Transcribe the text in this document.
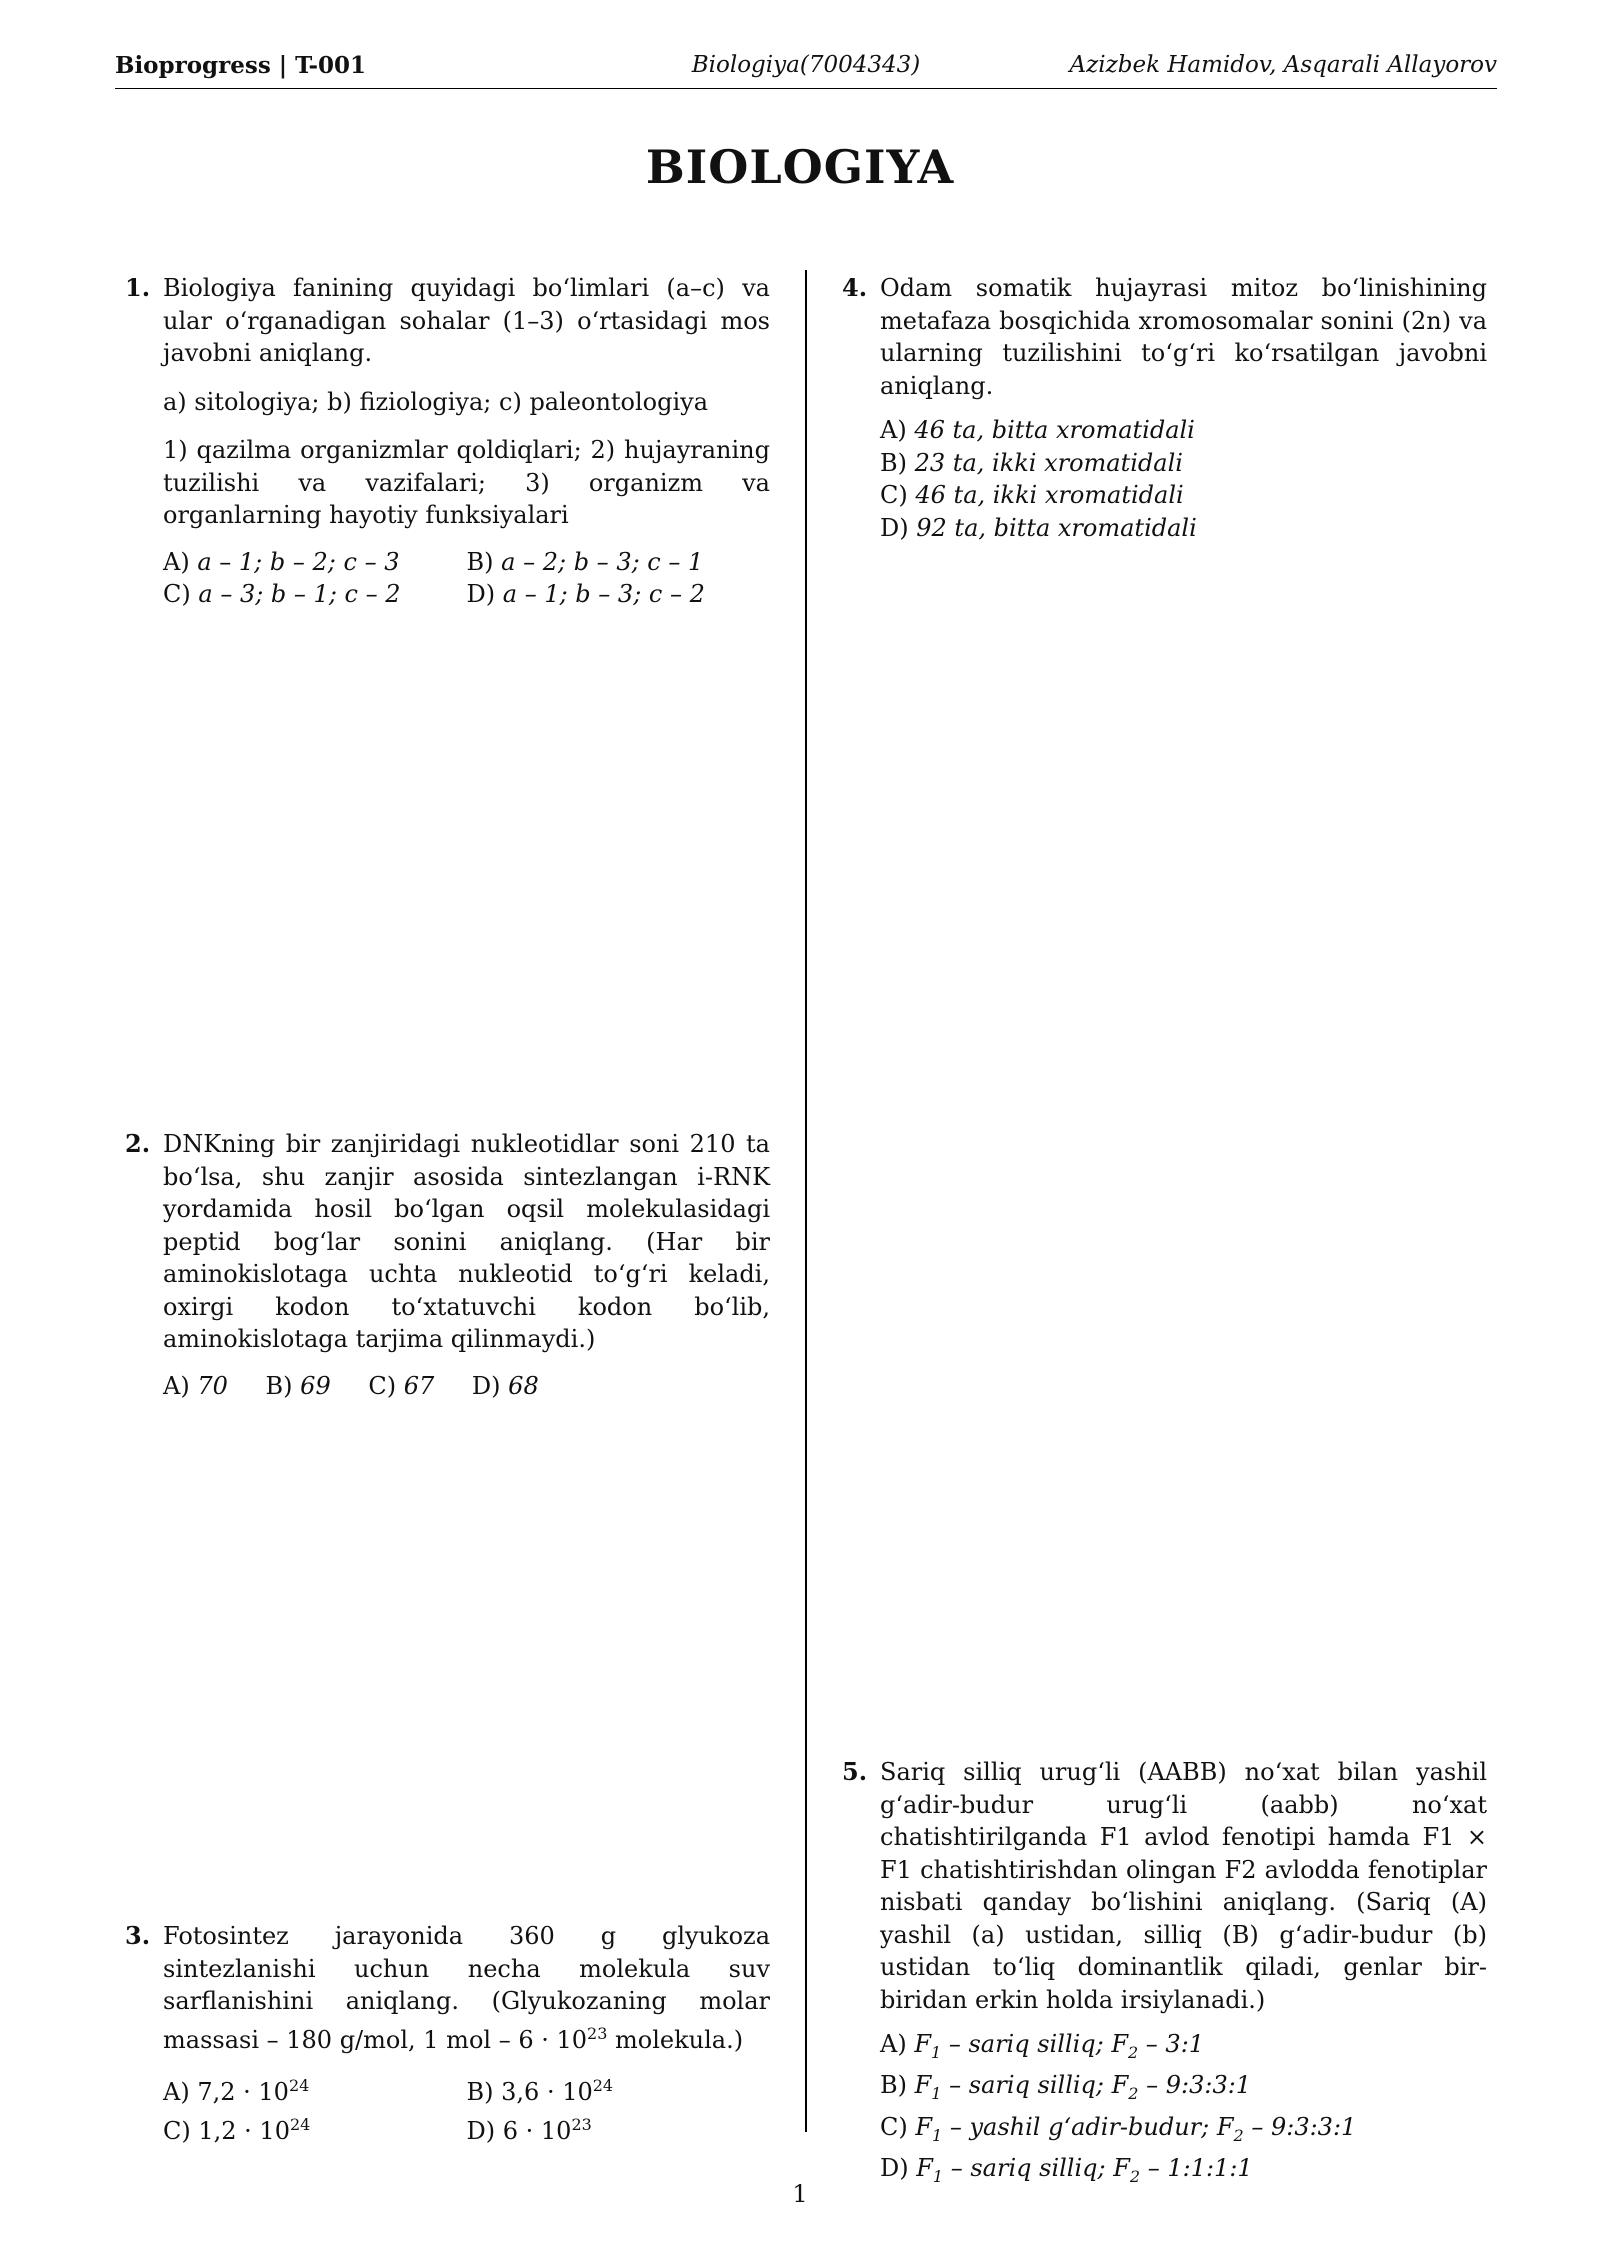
Bioprogress | T-001	Biologiya(7004343)	Azizbek Hamidov, Asqarali Allayorov
BIOLOGIYA
1. Biologiya fanining quyidagi boʻlimlari (a–c) va ular oʻrganadigan sohalar (1–3) oʻrtasidagi mos javobni aniqlang.
a) sitologiya; b) fiziologiya; c) paleontologiya
1) qazilma organizmlar qoldiqlari; 2) hujayraning tuzilishi va vazifalari; 3) organizm va organlarning hayotiy funksiyalari
A) a – 1; b – 2; c – 3	B) a – 2; b – 3; c – 1
C) a – 3; b – 1; c – 2	D) a – 1; b – 3; c – 2
2. DNKning bir zanjiridagi nukleotidlar soni 210 ta boʻlsa, shu zanjir asosida sintezlangan i-RNK yordamida hosil boʻlgan oqsil molekulasidagi peptid bogʻlar sonini aniqlang. (Har bir aminokislotaga uchta nukleotid toʻgʻri keladi, oxirgi kodon toʻxtatuvchi kodon boʻlib, aminokislotaga tarjima qilinmaydi.)
A) 70 B) 69 C) 67 D) 68
3. Fotosintez jarayonida 360 g glyukoza sintezlanishi uchun necha molekula suv sarflanishini aniqlang. (Glyukozaning molar massasi – 180 g/mol, 1 mol – $6 \cdot 10^{23}$ molekula.)
A) $7,2 \cdot 10^{24}$	B) $3,6 \cdot 10^{24}$
C) $1,2 \cdot 10^{24}$	D) $6 \cdot 10^{23}$
4. Odam somatik hujayrasi mitoz boʻlinishining metafaza bosqichida xromosomalar sonini (2n) va ularning tuzilishini toʻgʻri koʻrsatilgan javobni aniqlang.
A) 46 ta, bitta xromatidali
B) 23 ta, ikki xromatidali
C) 46 ta, ikki xromatidali
D) 92 ta, bitta xromatidali
5. Sariq silliq urugʻli (AABB) noʻxat bilan yashil gʻadir-budur urugʻli (aabb) noʻxat chatishtirilganda F1 avlod fenotipi hamda F1 × F1 chatishtirishdan olingan F2 avlodda fenotiplar nisbati qanday boʻlishini aniqlang. (Sariq (A) yashil (a) ustidan, silliq (B) gʻadir-budur (b) ustidan toʻliq dominantlik qiladi, genlar bir-biridan erkin holda irsiylanadi.)
A) $F_1$ – sariq silliq; $F_2$ – 3:1
B) $F_1$ – sariq silliq; $F_2$ – 9:3:3:1
C) $F_1$ – yashil gʻadir-budur; $F_2$ – 9:3:3:1
D) $F_1$ – sariq silliq; $F_2$ – 1:1:1:1
1
